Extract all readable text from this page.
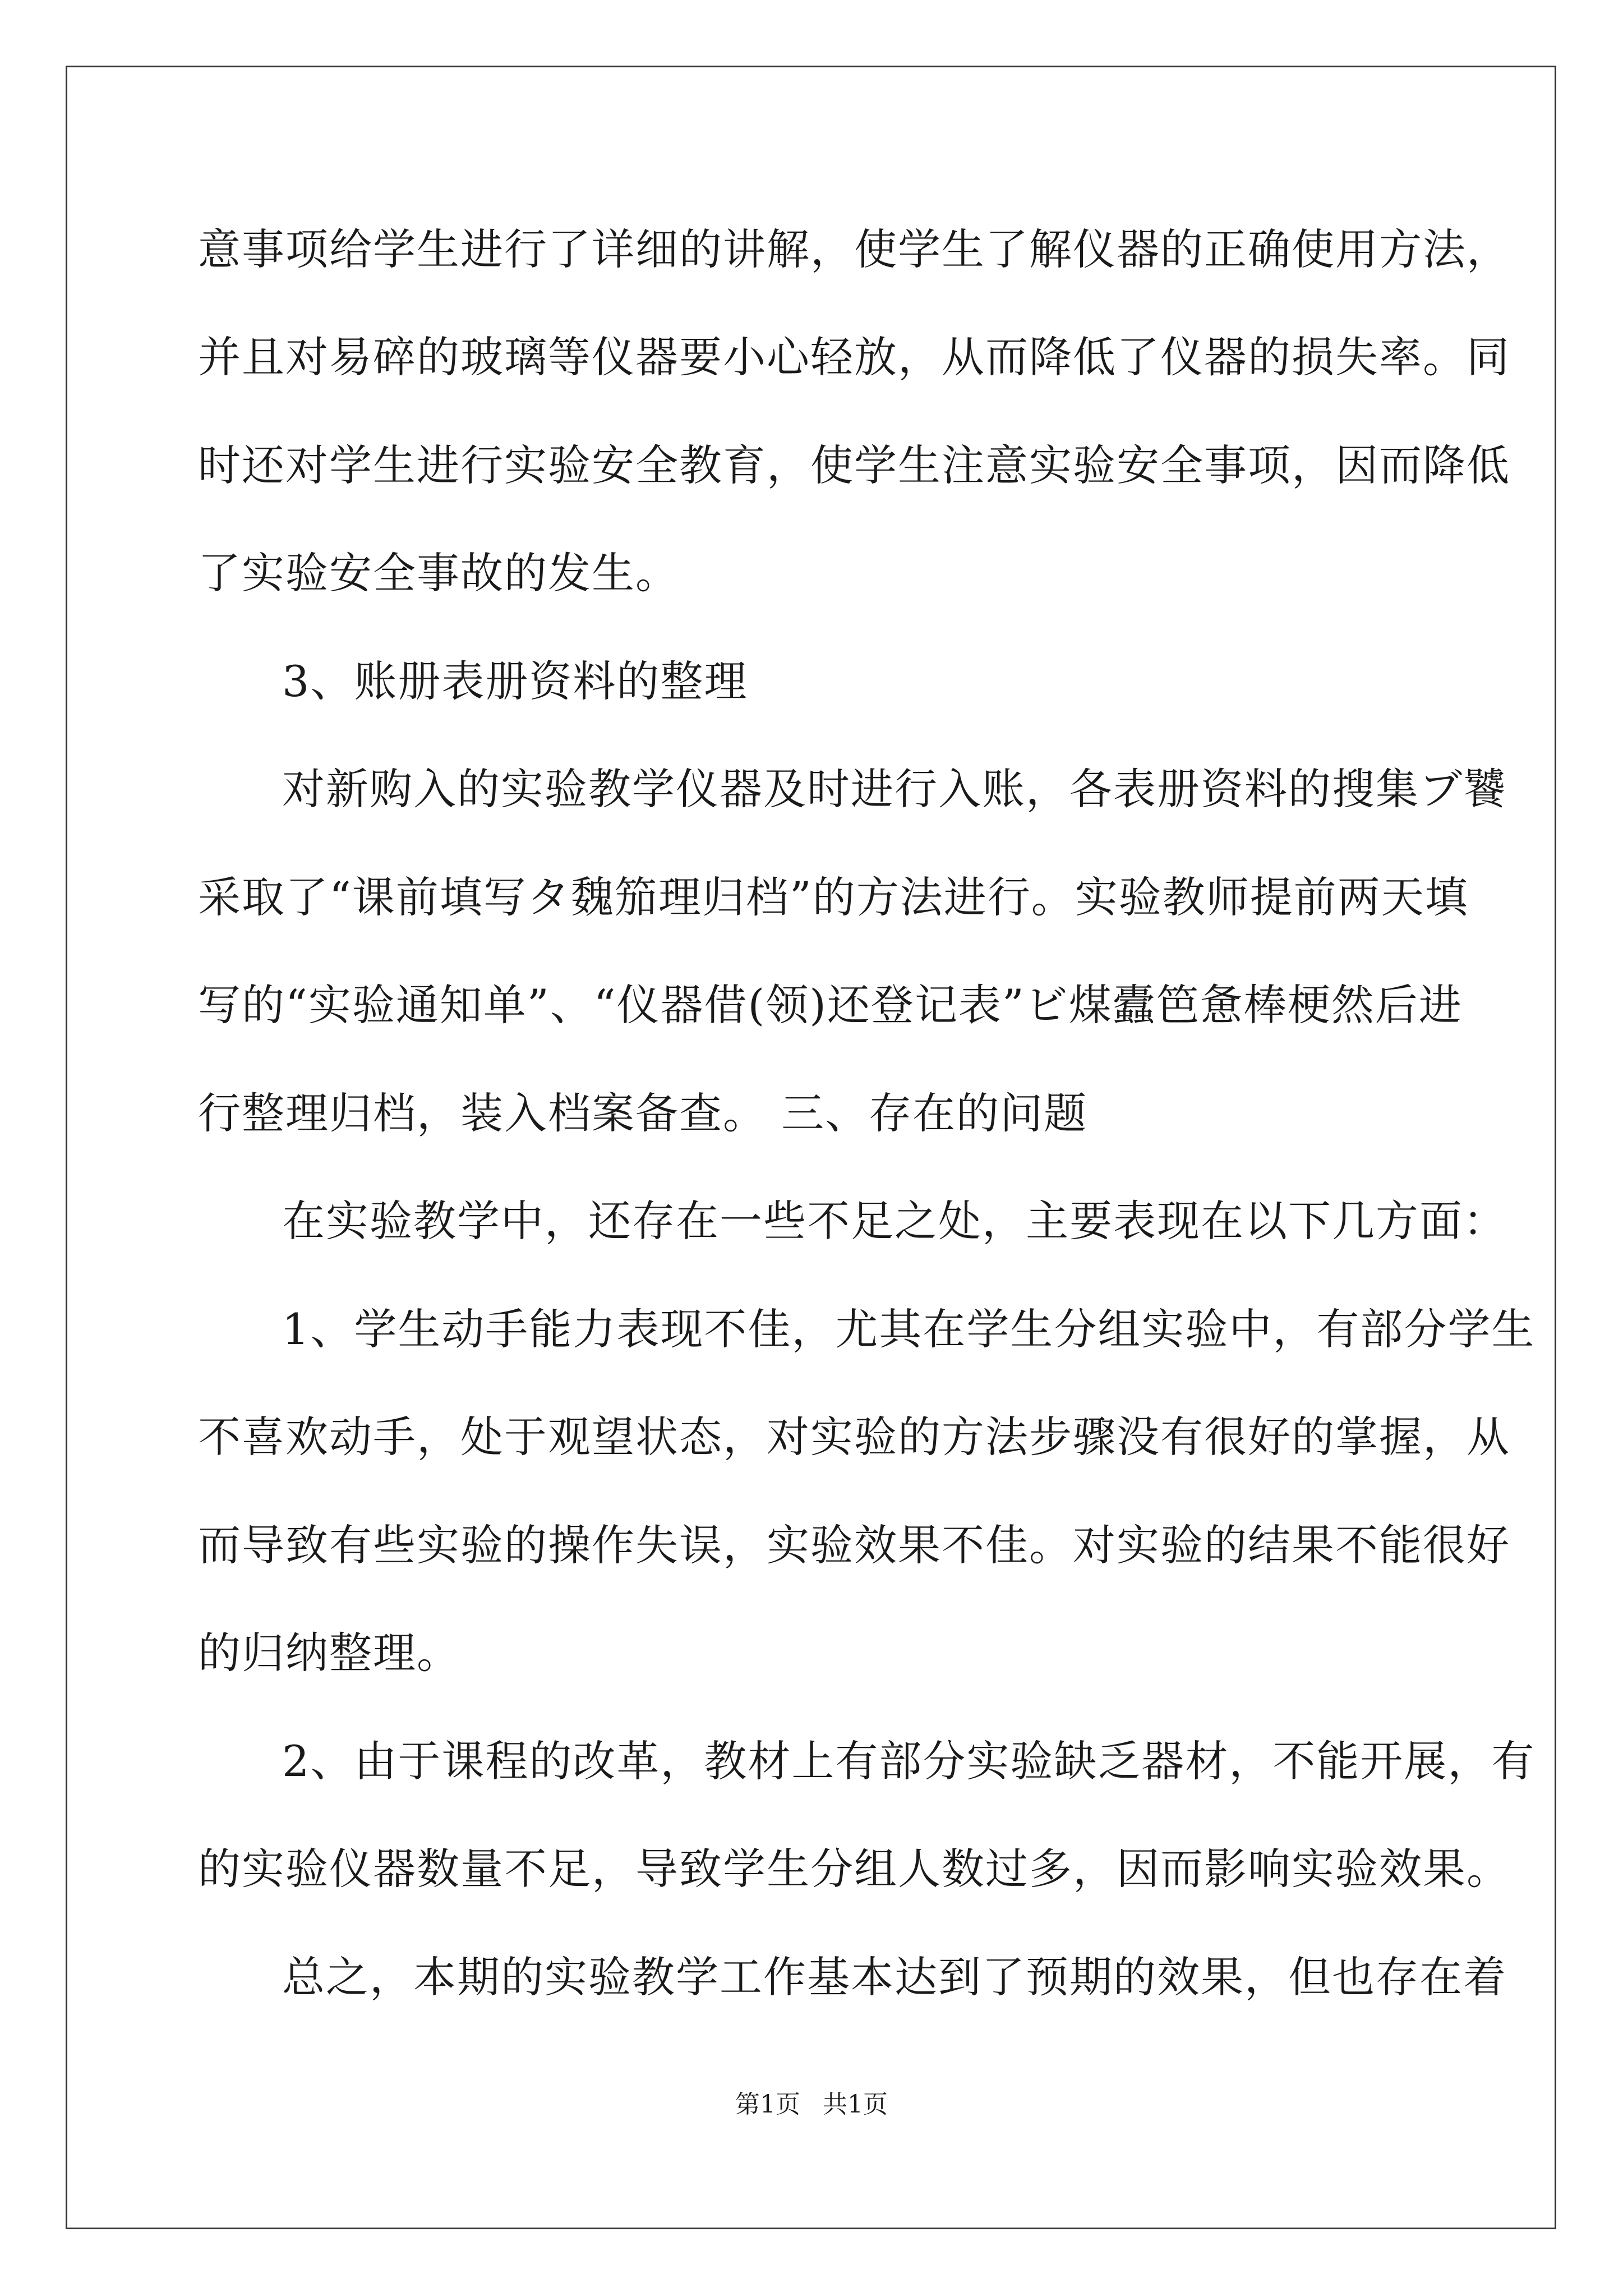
意事项给学生进行了详细的讲解，使学生了解仪器的正确使用方法，
并且对易碎的玻璃等仪器要小心轻放，从而降低了仪器的损失率。同
时还对学生进行实验安全教育，使学生注意实验安全事项，因而降低
了实验安全事故的发生。
3、账册表册资料的整理
对新购入的实验教学仪器及时进行入账，各表册资料的搜集ブ饕
采取了“课前填写タ魏笳理归档”的方法进行。实验教师提前两天填
写的“实验通知单”、“仪器借(领)还登记表”ビ煤蠹笆惫棒梗然后进
行整理归档，装入档案备查。 三、存在的问题
在实验教学中，还存在一些不足之处，主要表现在以下几方面：
1、学生动手能力表现不佳，尤其在学生分组实验中，有部分学生
不喜欢动手，处于观望状态，对实验的方法步骤没有很好的掌握，从
而导致有些实验的操作失误，实验效果不佳。对实验的结果不能很好
的归纳整理。
2、由于课程的改革，教材上有部分实验缺乏器材，不能开展，有
的实验仪器数量不足，导致学生分组人数过多，因而影响实验效果。
总之，本期的实验教学工作基本达到了预期的效果，但也存在着
第1页 共1页
